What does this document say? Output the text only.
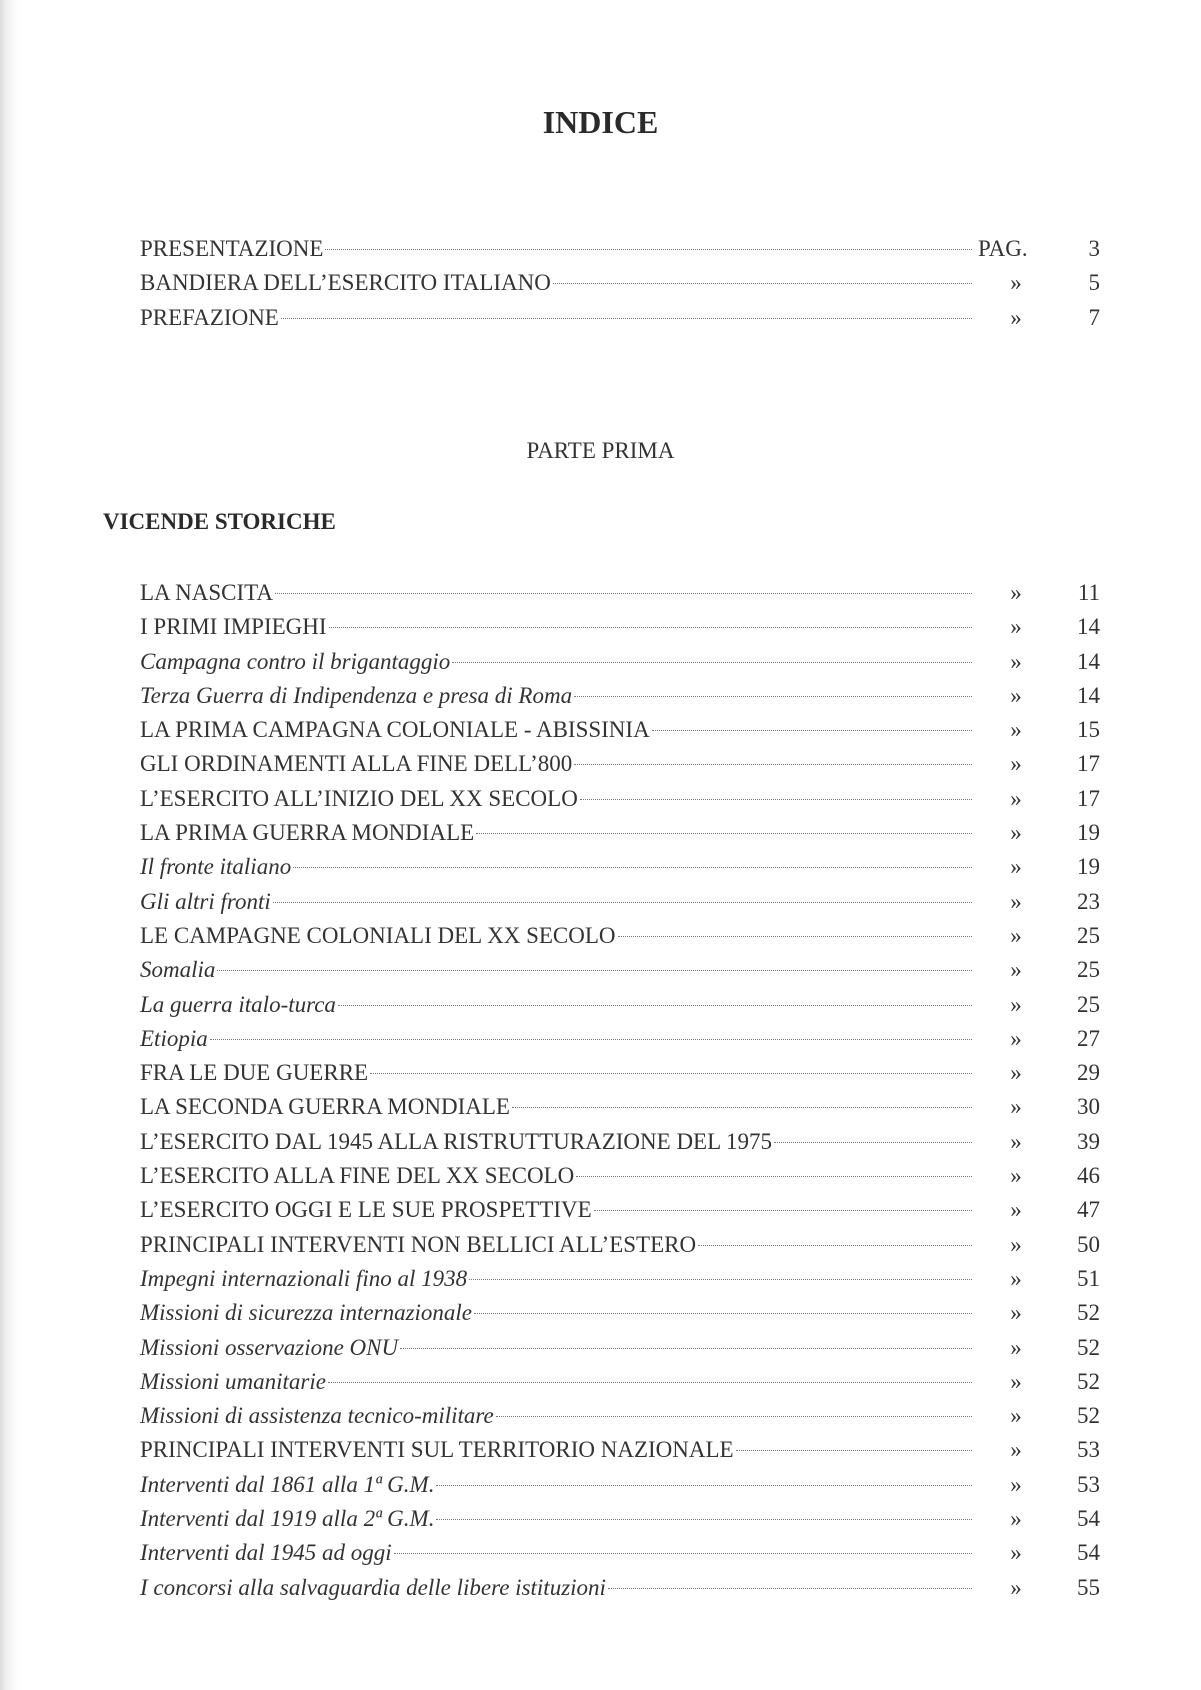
INDICE
PRESENTAZIONE	PAG.	3
BANDIERA DELL’ESERCITO ITALIANO	»	5
PREFAZIONE	»	7
PARTE PRIMA
VICENDE STORICHE
LA NASCITA	»	11
I PRIMI IMPIEGHI	»	14
Campagna contro il brigantaggio	»	14
Terza Guerra di Indipendenza e presa di Roma	»	14
LA PRIMA CAMPAGNA COLONIALE - ABISSINIA	»	15
GLI ORDINAMENTI ALLA FINE DELL’800	»	17
L’ESERCITO ALL’INIZIO DEL XX SECOLO	»	17
LA PRIMA GUERRA MONDIALE	»	19
Il fronte italiano	»	19
Gli altri fronti	»	23
LE CAMPAGNE COLONIALI DEL XX SECOLO	»	25
Somalia	»	25
La guerra italo-turca	»	25
Etiopia	»	27
FRA LE DUE GUERRE	»	29
LA SECONDA GUERRA MONDIALE	»	30
L’ESERCITO DAL 1945 ALLA RISTRUTTURAZIONE DEL 1975	»	39
L’ESERCITO ALLA FINE DEL XX SECOLO	»	46
L’ESERCITO OGGI E LE SUE PROSPETTIVE	»	47
PRINCIPALI INTERVENTI NON BELLICI ALL’ESTERO	»	50
Impegni internazionali fino al 1938	»	51
Missioni di sicurezza internazionale	»	52
Missioni osservazione ONU	»	52
Missioni umanitarie	»	52
Missioni di assistenza tecnico-militare	»	52
PRINCIPALI INTERVENTI SUL TERRITORIO NAZIONALE	»	53
Interventi dal 1861 alla 1ª G.M.	»	53
Interventi dal 1919 alla 2ª G.M.	»	54
Interventi dal 1945 ad oggi	»	54
I concorsi alla salvaguardia delle libere istituzioni	»	55
